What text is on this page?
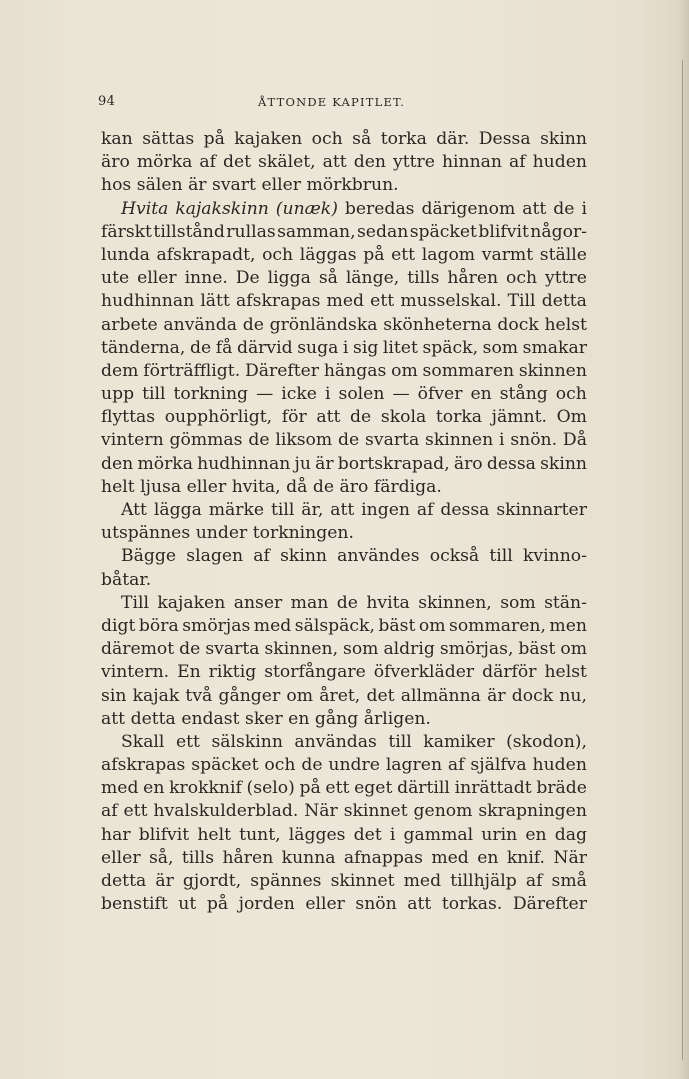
94	ÅTTONDE KAPITLET.
kan sättas på kajaken och så torka där. Dessa skinn
äro mörka af det skälet, att den yttre hinnan af huden
hos sälen är svart eller mörkbrun.
Hvita kajakskinn (unæk) beredas därigenom att de i
färskt tillstånd rullas samman, sedan späcket blifvit någor-
lunda afskrapadt, och läggas på ett lagom varmt ställe
ute eller inne. De ligga så länge, tills håren och yttre
hudhinnan lätt afskrapas med ett musselskal. Till detta
arbete använda de grönländska skönheterna dock helst
tänderna, de få därvid suga i sig litet späck, som smakar
dem förträffligt. Därefter hängas om sommaren skinnen
upp till torkning — icke i solen — öfver en stång och
flyttas oupphörligt, för att de skola torka jämnt. Om
vintern gömmas de liksom de svarta skinnen i snön. Då
den mörka hudhinnan ju är bortskrapad, äro dessa skinn
helt ljusa eller hvita, då de äro färdiga.
Att lägga märke till är, att ingen af dessa skinnarter
utspännes under torkningen.
Bägge slagen af skinn användes också till kvinno-
båtar.
Till kajaken anser man de hvita skinnen, som stän-
digt böra smörjas med sälspäck, bäst om sommaren, men
däremot de svarta skinnen, som aldrig smörjas, bäst om
vintern. En riktig storfångare öfverkläder därför helst
sin kajak två gånger om året, det allmänna är dock nu,
att detta endast sker en gång årligen.
Skall ett sälskinn användas till kamiker (skodon),
afskrapas späcket och de undre lagren af själfva huden
med en krokknif (selo) på ett eget därtill inrättadt bräde
af ett hvalskulderblad. När skinnet genom skrapningen
har blifvit helt tunt, lägges det i gammal urin en dag
eller så, tills håren kunna afnappas med en knif. När
detta är gjordt, spännes skinnet med tillhjälp af små
benstift ut på jorden eller snön att torkas. Därefter
